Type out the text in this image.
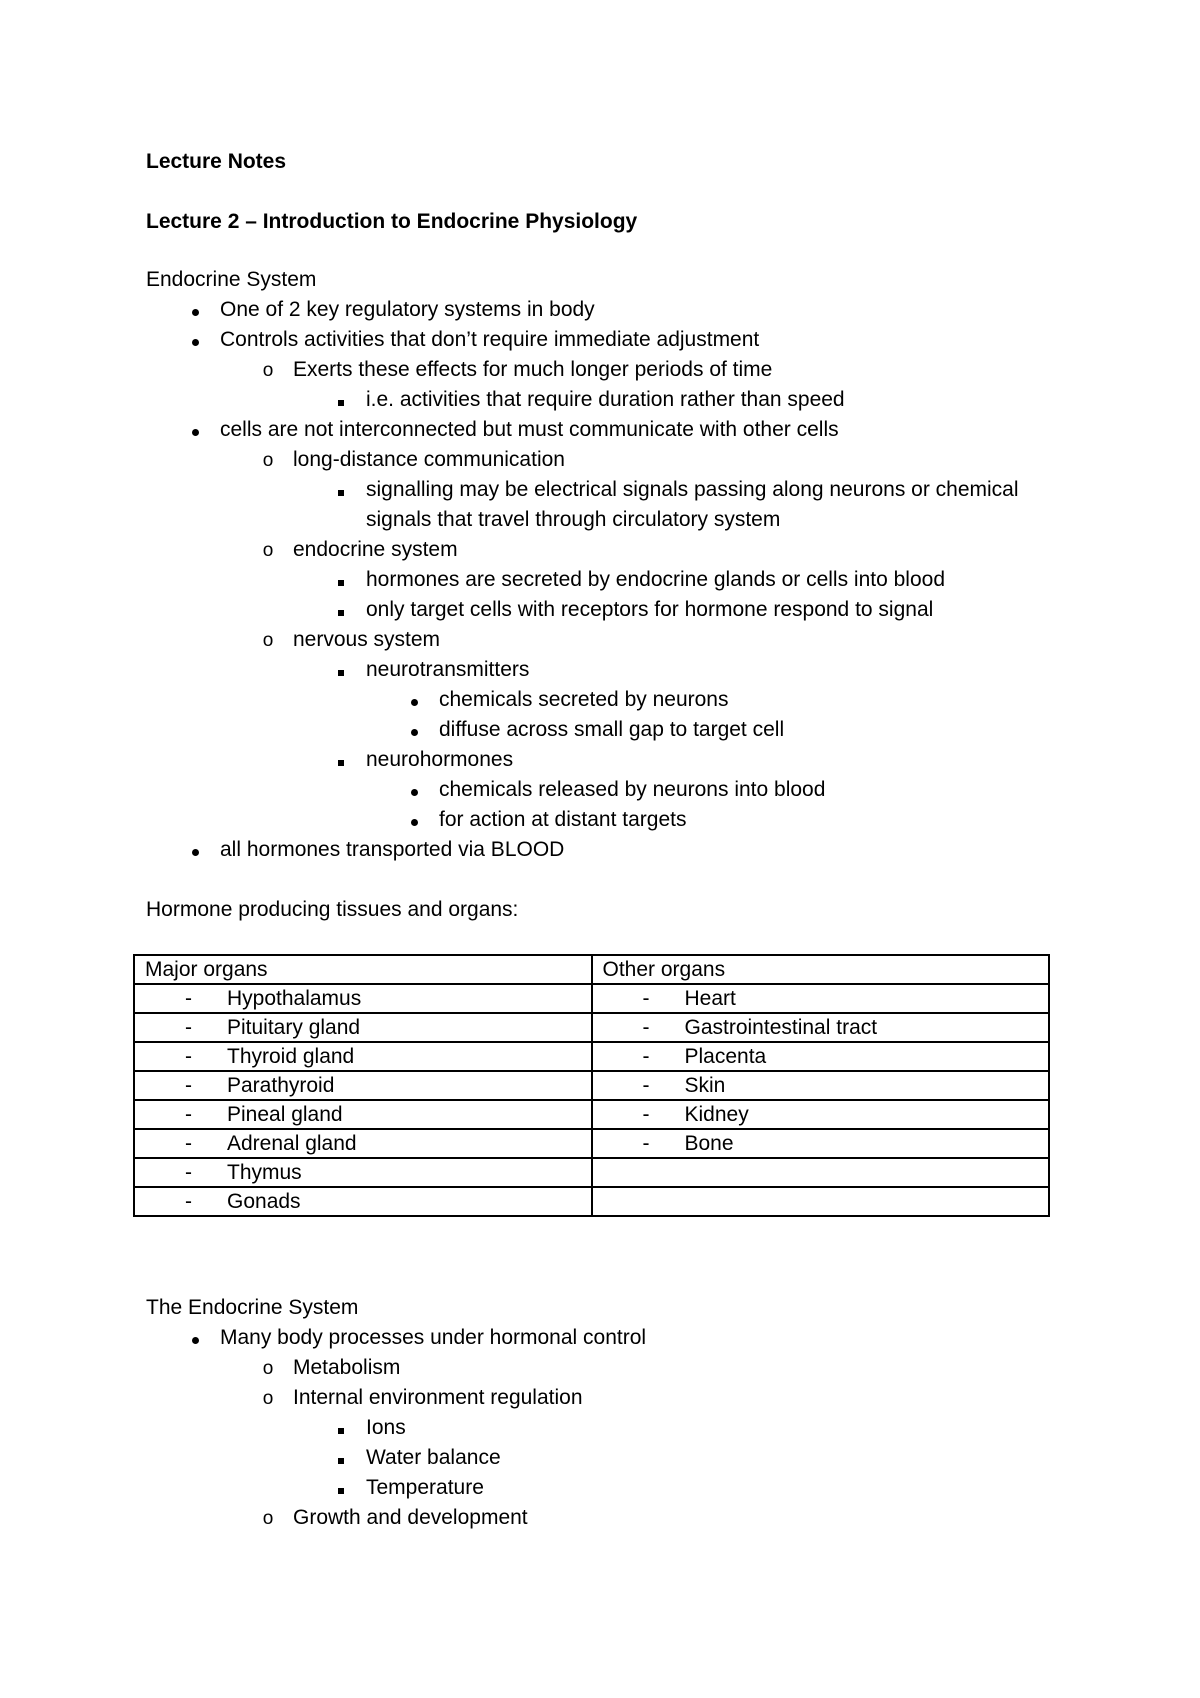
Lecture Notes
Lecture 2 – Introduction to Endocrine Physiology
Endocrine System
One of 2 key regulatory systems in body
Controls activities that don’t require immediate adjustment
o Exerts these effects for much longer periods of time
i.e. activities that require duration rather than speed
cells are not interconnected but must communicate with other cells
o long-distance communication
signalling may be electrical signals passing along neurons or chemical
signals that travel through circulatory system
o endocrine system
hormones are secreted by endocrine glands or cells into blood
only target cells with receptors for hormone respond to signal
o nervous system
neurotransmitters
chemicals secreted by neurons
diffuse across small gap to target cell
neurohormones
chemicals released by neurons into blood
for action at distant targets
all hormones transported via BLOOD
Hormone producing tissues and organs:
Major organs	Other organs
- Hypothalamus	- Heart
- Pituitary gland	- Gastrointestinal tract
- Thyroid gland	- Placenta
- Parathyroid	- Skin
- Pineal gland	- Kidney
- Adrenal gland	- Bone
- Thymus	
- Gonads	
The Endocrine System
Many body processes under hormonal control
o Metabolism
o Internal environment regulation
Ions
Water balance
Temperature
o Growth and development
